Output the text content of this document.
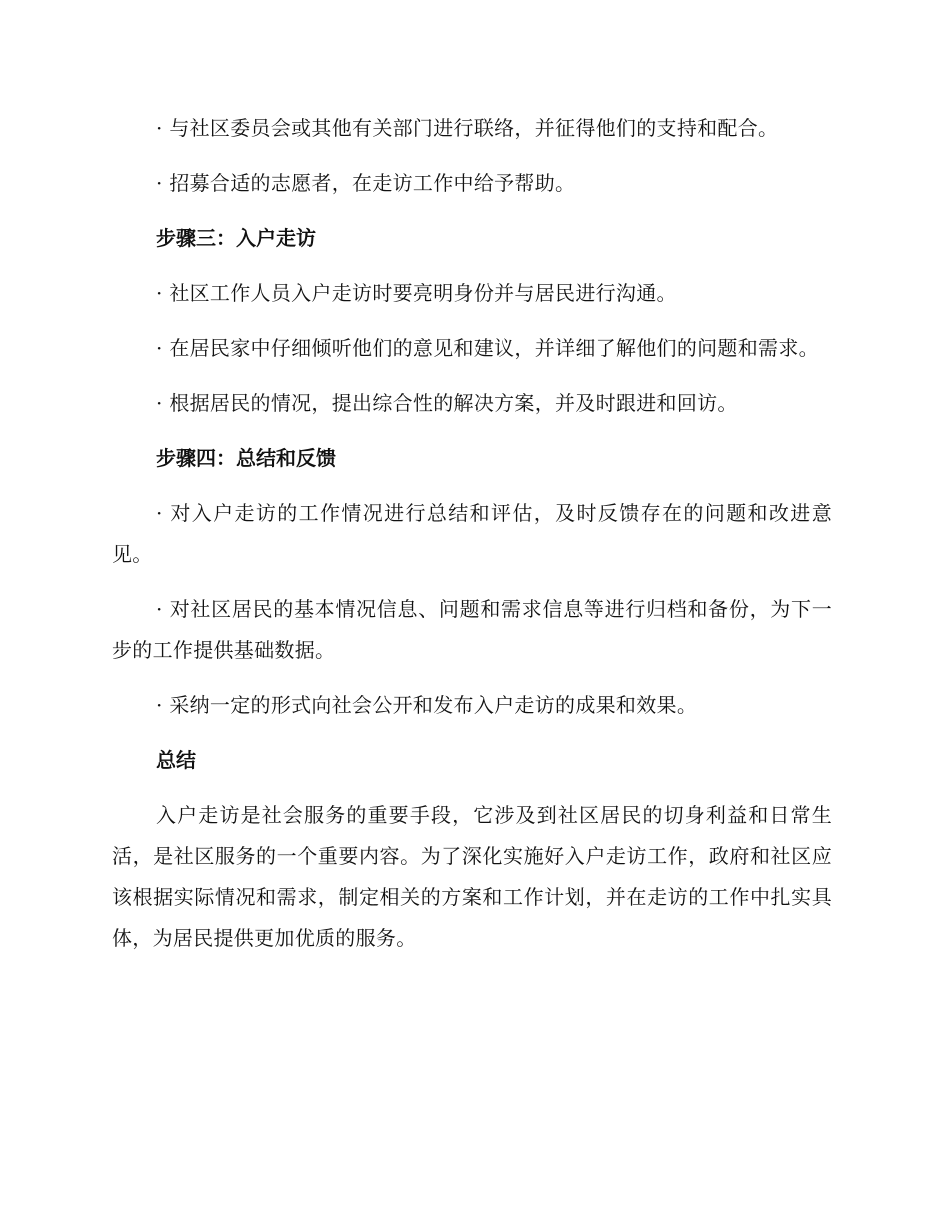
· 与社区委员会或其他有关部门进行联络，并征得他们的支持和配合。

· 招募合适的志愿者，在走访工作中给予帮助。

步骤三：入户走访

· 社区工作人员入户走访时要亮明身份并与居民进行沟通。

· 在居民家中仔细倾听他们的意见和建议，并详细了解他们的问题和需求。

· 根据居民的情况，提出综合性的解决方案，并及时跟进和回访。

步骤四：总结和反馈

· 对入户走访的工作情况进行总结和评估，及时反馈存在的问题和改进意见。

· 对社区居民的基本情况信息、问题和需求信息等进行归档和备份，为下一步的工作提供基础数据。

· 采纳一定的形式向社会公开和发布入户走访的成果和效果。

总结

入户走访是社会服务的重要手段，它涉及到社区居民的切身利益和日常生活，是社区服务的一个重要内容。为了深化实施好入户走访工作，政府和社区应该根据实际情况和需求，制定相关的方案和工作计划，并在走访的工作中扎实具体，为居民提供更加优质的服务。
